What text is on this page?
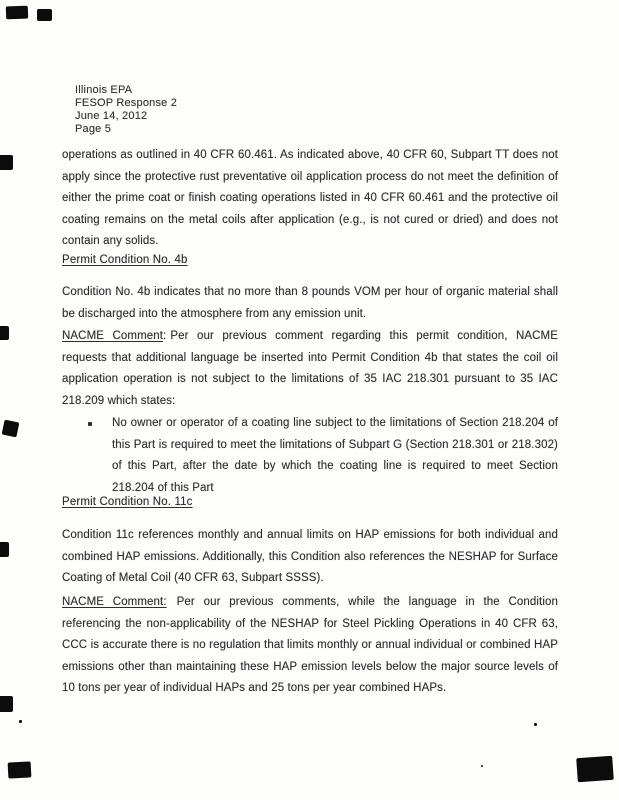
Illinois EPA
FESOP Response 2
June 14, 2012
Page 5

operations as outlined in 40 CFR 60.461. As indicated above, 40 CFR 60, Subpart TT does not apply since the protective rust preventative oil application process do not meet the definition of either the prime coat or finish coating operations listed in 40 CFR 60.461 and the protective oil coating remains on the metal coils after application (e.g., is not cured or dried) and does not contain any solids.

Permit Condition No. 4b

Condition No. 4b indicates that no more than 8 pounds VOM per hour of organic material shall be discharged into the atmosphere from any emission unit.

NACME Comment: Per our previous comment regarding this permit condition, NACME requests that additional language be inserted into Permit Condition 4b that states the coil oil application operation is not subject to the limitations of 35 IAC 218.301 pursuant to 35 IAC 218.209 which states:

No owner or operator of a coating line subject to the limitations of Section 218.204 of this Part is required to meet the limitations of Subpart G (Section 218.301 or 218.302) of this Part, after the date by which the coating line is required to meet Section 218.204 of this Part
Permit Condition No. 11c

Condition 11c references monthly and annual limits on HAP emissions for both individual and combined HAP emissions. Additionally, this Condition also references the NESHAP for Surface Coating of Metal Coil (40 CFR 63, Subpart SSSS).

NACME Comment: Per our previous comments, while the language in the Condition referencing the non-applicability of the NESHAP for Steel Pickling Operations in 40 CFR 63, CCC is accurate there is no regulation that limits monthly or annual individual or combined HAP emissions other than maintaining these HAP emission levels below the major source levels of 10 tons per year of individual HAPs and 25 tons per year combined HAPs.
